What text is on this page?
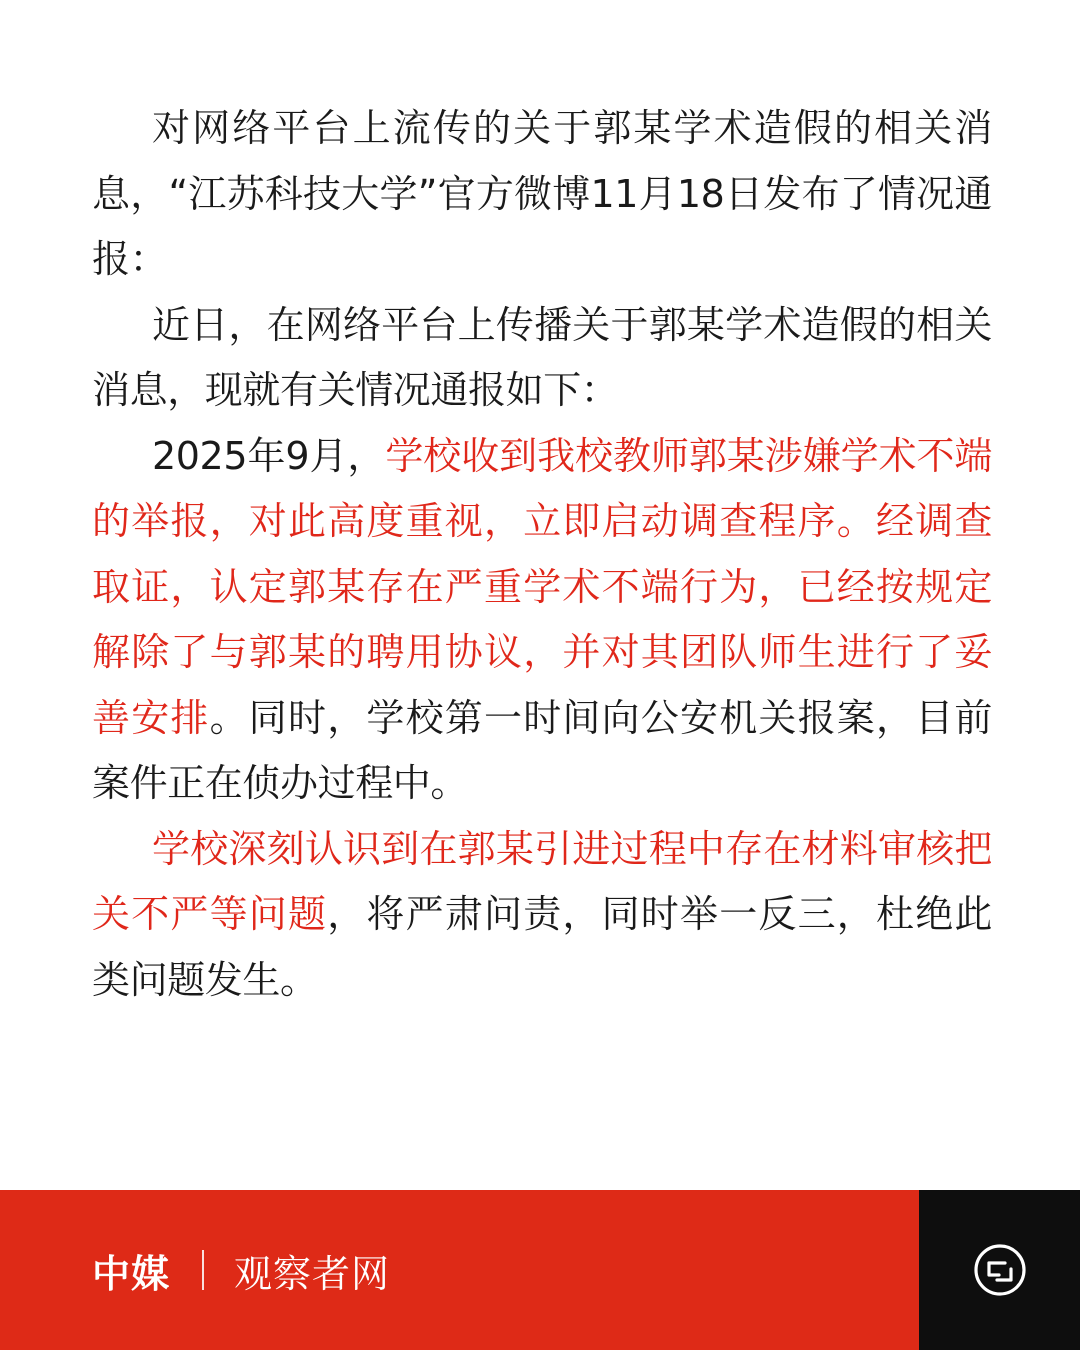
对网络平台上流传的关于郭某学术造假的相关消息，“江苏科技大学”官方微博11月18日发布了情况通报：

近日，在网络平台上传播关于郭某学术造假的相关消息，现就有关情况通报如下：

2025年9月，学校收到我校教师郭某涉嫌学术不端的举报，对此高度重视，立即启动调查程序。经调查取证，认定郭某存在严重学术不端行为，已经按规定解除了与郭某的聘用协议，并对其团队师生进行了妥善安排。同时，学校第一时间向公安机关报案，目前案件正在侦办过程中。

学校深刻认识到在郭某引进过程中存在材料审核把关不严等问题，将严肃问责，同时举一反三，杜绝此类问题发生。

中媒 观察者网
